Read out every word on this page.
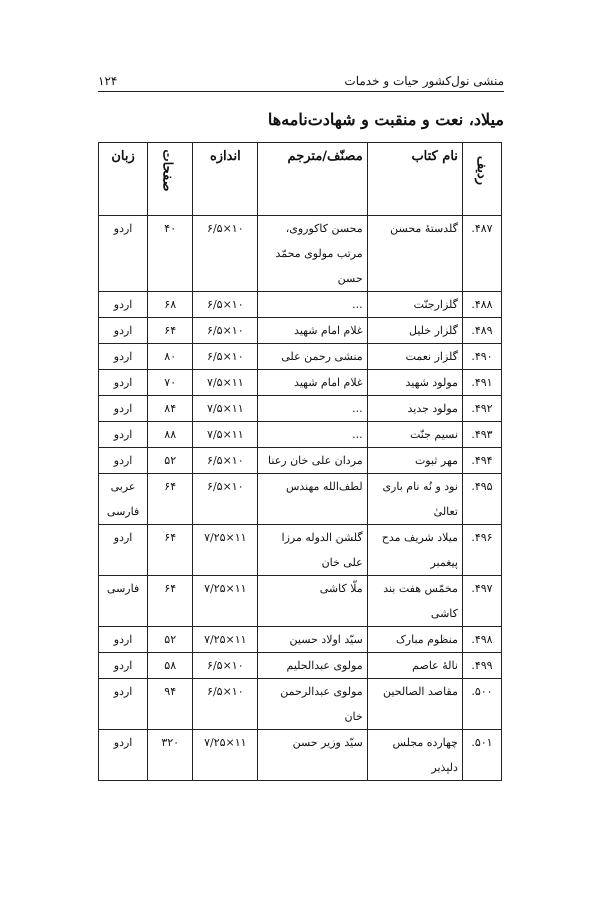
منشی نول‌کشور حیات و خدمات
۱۲۴
میلاد، نعت و منقبت و شهادت‌نامه‌ها
ردیف	نام کتاب	مصنّف/مترجم	اندازه	صفحات	زبان
۴۸۷.	گلدستهٔ محسن	محسن کاکوروی،
مرتب مولوی محمّد
حسن	۱۰×۶/۵	۴۰	اردو

۴۸۸.	گلزارجنّت	...	۱۰×۶/۵	۶۸	اردو

۴۸۹.	گلزار خلیل	غلام امام شهید	۱۰×۶/۵	۶۴	اردو

۴۹۰.	گلزار نعمت	منشی رحمن علی	۱۰×۶/۵	۸۰	اردو

۴۹۱.	مولود شهید	غلام امام شهید	۱۱×۷/۵	۷۰	اردو

۴۹۲.	مولود جدید	...	۱۱×۷/۵	۸۴	اردو

۴۹۳.	نسیم جنّت	...	۱۱×۷/۵	۸۸	اردو

۴۹۴.	مهر ثبوت	مردان علی خان رعنا	۱۰×۶/۵	۵۲	اردو

۴۹۵.	نود و نُه نام باری
تعالیٰ	لطف‌الله مهندس	۱۰×۶/۵	۶۴	عربی
فارسی

۴۹۶.	میلاد شریف مدح
پیغمبر	گلشن الدوله مرزا
علی خان	۱۱×۷/۲۵	۶۴	اردو

۴۹۷.	مخمّس هفت بند
کاشی	ملّا کاشی	۱۱×۷/۲۵	۶۴	فارسی

۴۹۸.	منظوم مبارک	سیّد اولاد حسین	۱۱×۷/۲۵	۵۲	اردو

۴۹۹.	نالهٔ عاصم	مولوی عبدالحلیم	۱۰×۶/۵	۵۸	اردو

۵۰۰.	مقاصد الصالحین	مولوی عبدالرحمن
خان	۱۰×۶/۵	۹۴	اردو

۵۰۱.	چهارده مجلس
دلپذیر	سیّد وزیر حسن	۱۱×۷/۲۵	۳۲۰	اردو
